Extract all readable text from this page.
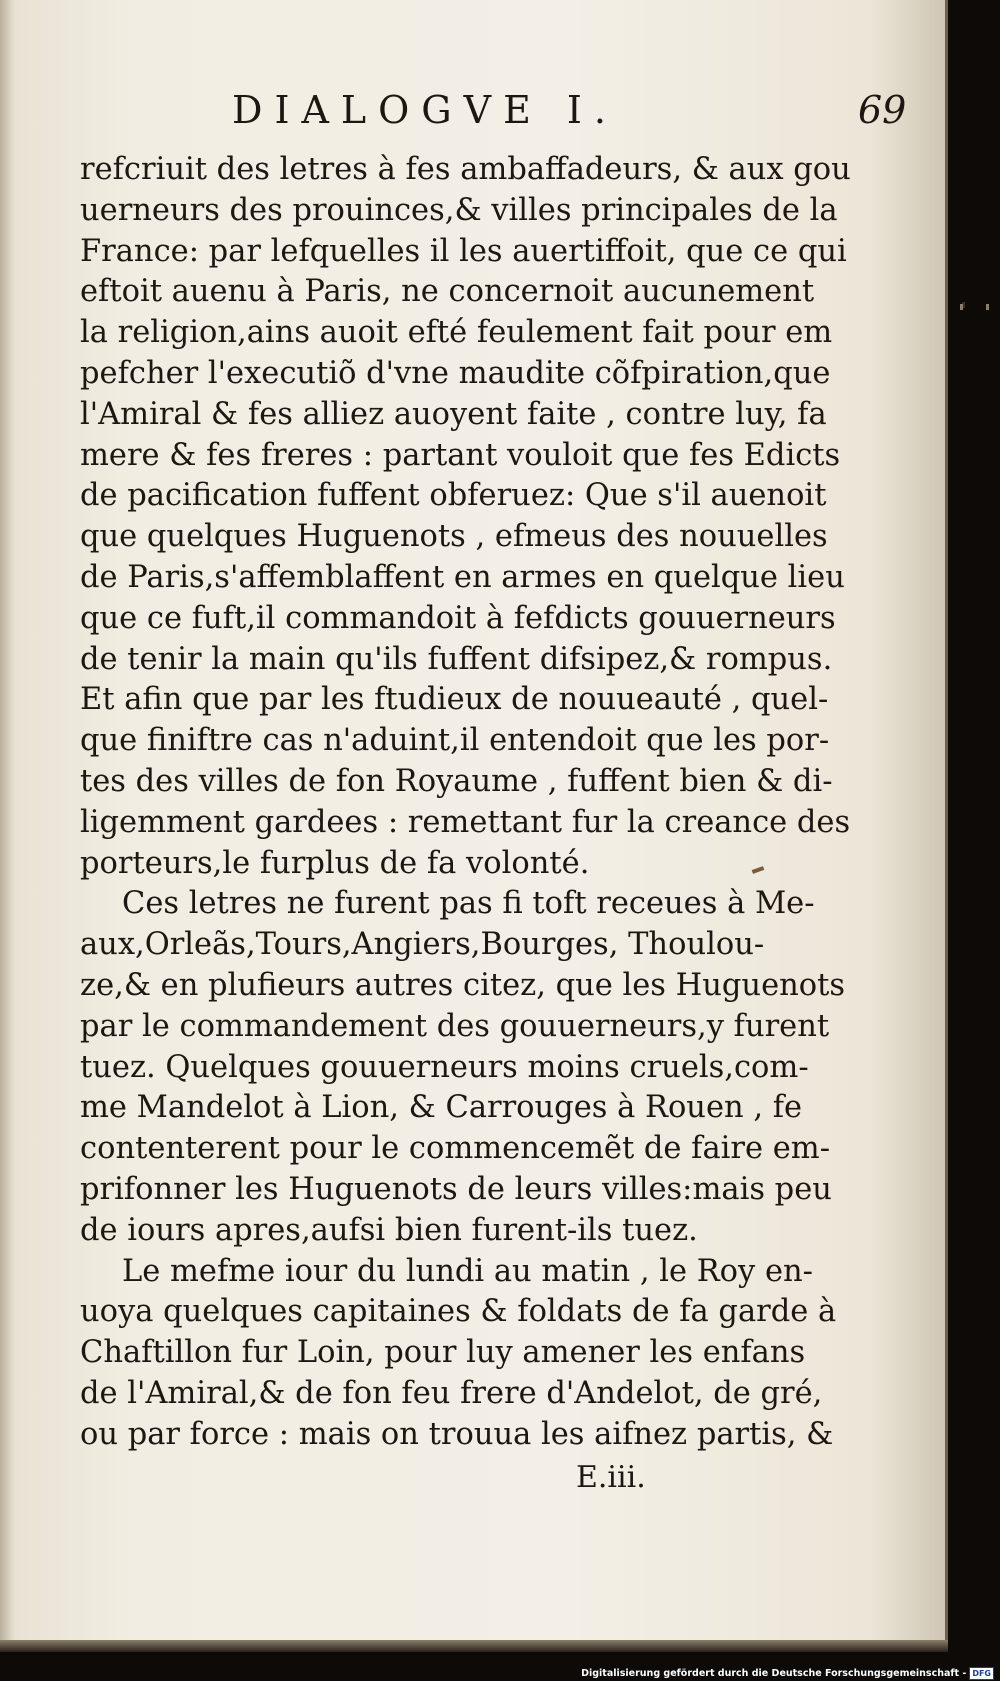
DIALOGVE I.	69
refcriuit des letres à fes ambaffadeurs, & aux gou
uerneurs des prouinces,& villes principales de la
France: par lefquelles il les auertiffoit, que ce qui
eftoit auenu à Paris, ne concernoit aucunement
la religion,ains auoit efté feulement fait pour em
pefcher l'executiõ d'vne maudite cõfpiration,que
l'Amiral & fes alliez auoyent faite , contre luy, fa
mere & fes freres : partant vouloit que fes Edicts
de pacification fuffent obferuez: Que s'il auenoit
que quelques Huguenots , efmeus des nouuelles
de Paris,s'affemblaffent en armes en quelque lieu
que ce fuft,il commandoit à fefdicts gouuerneurs
de tenir la main qu'ils fuffent difsipez,& rompus.
Et afin que par les ftudieux de nouueauté , quel-
que finiftre cas n'aduint,il entendoit que les por-
tes des villes de fon Royaume , fuffent bien & di-
ligemment gardees : remettant fur la creance des
porteurs,le furplus de fa volonté.
Ces letres ne furent pas fi toft receues à Me-
aux,Orleãs,Tours,Angiers,Bourges, Thoulou-
ze,& en plufieurs autres citez, que les Huguenots
par le commandement des gouuerneurs,y furent
tuez. Quelques gouuerneurs moins cruels,com-
me Mandelot à Lion, & Carrouges à Rouen , fe
contenterent pour le commencemẽt de faire em-
prifonner les Huguenots de leurs villes:mais peu
de iours apres,aufsi bien furent-ils tuez.
Le mefme iour du lundi au matin , le Roy en-
uoya quelques capitaines & foldats de fa garde à
Chaftillon fur Loin, pour luy amener les enfans
de l'Amiral,& de fon feu frere d'Andelot, de gré,
ou par force : mais on trouua les aifnez partis, &
E.iii.
Digitalisierung gefördert durch die Deutsche Forschungsgemeinschaft - DFG
